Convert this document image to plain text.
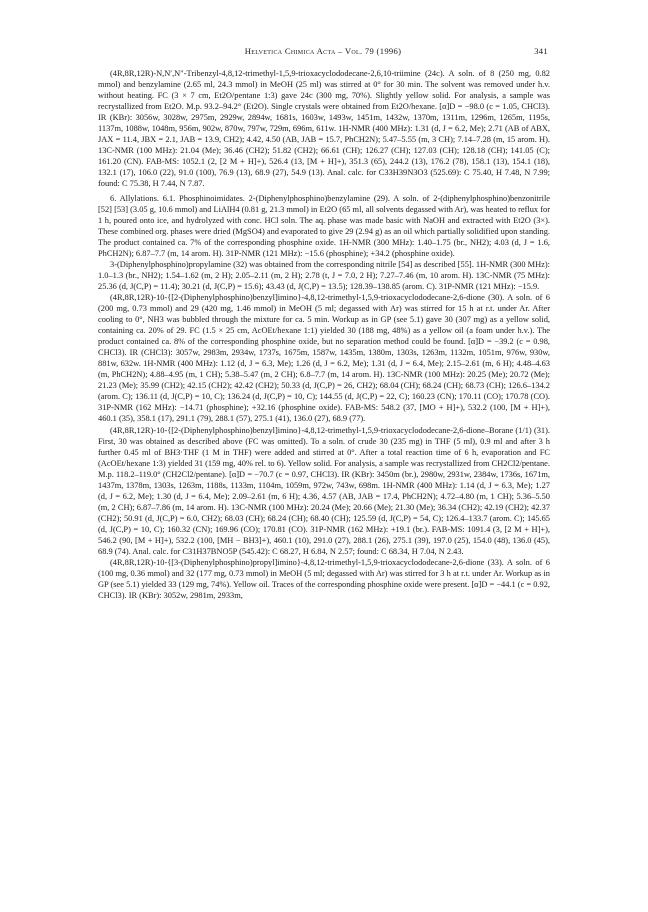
Helvetica Chimica Acta – Vol. 79 (1996)	341

(4R,8R,12R)-N,N′,N″-Tribenzyl-4,8,12-trimethyl-1,5,9-trioxacyclododecane-2,6,10-triimine (24c). A soln. of 8 (250 mg, 0.82 mmol) and benzylamine (2.65 ml, 24.3 mmol) in MeOH (25 ml) was stirred at 0° for 30 min. The solvent was removed under h.v. without heating. FC (3 × 7 cm, Et2O/pentane 1:3) gave 24c (300 mg, 70%). Slightly yellow solid. For analysis, a sample was recrystallized from Et2O. M.p. 93.2–94.2° (Et2O). Single crystals were obtained from Et2O/hexane. [α]D = −98.0 (c = 1.05, CHCl3). IR (KBr): 3056w, 3028w, 2975m, 2929w, 2894w, 1681s, 1603w, 1493w, 1451m, 1432w, 1370m, 1311m, 1296m, 1265m, 1195s, 1137m, 1088w, 1048m, 956m, 902w, 870w, 797w, 729m, 696m, 611w. 1H-NMR (400 MHz): 1.31 (d, J = 6.2, Me); 2.71 (AB of ABX, JAX = 11.4, JBX = 2.1, JAB = 13.9, CH2); 4.42, 4.50 (AB, JAB = 15.7, PhCH2N); 5.47–5.55 (m, 3 CH); 7.14–7.28 (m, 15 arom. H). 13C-NMR (100 MHz): 21.04 (Me); 36.46 (CH2); 51.82 (CH2); 66.61 (CH); 126.27 (CH); 127.03 (CH); 128.18 (CH); 141.05 (C); 161.20 (CN). FAB-MS: 1052.1 (2, [2 M + H]+), 526.4 (13, [M + H]+), 351.3 (65), 244.2 (13), 176.2 (78), 158.1 (13), 154.1 (18), 132.1 (17), 106.0 (22), 91.0 (100), 76.9 (13), 68.9 (27), 54.9 (13). Anal. calc. for C33H39N3O3 (525.69): C 75.40, H 7.48, N 7.99; found: C 75.38, H 7.44, N 7.87.

6. Allylations. 6.1. Phosphinoimidates. 2-(Diphenylphosphino)benzylamine (29). A soln. of 2-(diphenylphosphino)benzonitrile [52] [53] (3.05 g, 10.6 mmol) and LiAlH4 (0.81 g, 21.3 mmol) in Et2O (65 ml, all solvents degassed with Ar), was heated to reflux for 1 h, poured onto ice, and hydrolyzed with conc. HCl soln. The aq. phase was made basic with NaOH and extracted with Et2O (3×). These combined org. phases were dried (MgSO4) and evaporated to give 29 (2.94 g) as an oil which partially solidified upon standing. The product contained ca. 7% of the corresponding phosphine oxide. 1H-NMR (300 MHz): 1.40–1.75 (br., NH2); 4.03 (d, J = 1.6, PhCH2N); 6.87–7.7 (m, 14 arom. H). 31P-NMR (121 MHz): −15.6 (phosphine); +34.2 (phosphine oxide).

3-(Diphenylphosphino)propylamine (32) was obtained from the corresponding nitrile [54] as described [55]. 1H-NMR (300 MHz): 1.0–1.3 (br., NH2); 1.54–1.62 (m, 2 H); 2.05–2.11 (m, 2 H); 2.78 (t, J = 7.0, 2 H); 7.27–7.46 (m, 10 arom. H). 13C-NMR (75 MHz): 25.36 (d, J(C,P) = 11.4); 30.21 (d, J(C,P) = 15.6); 43.43 (d, J(C,P) = 13.5); 128.39–138.85 (arom. C). 31P-NMR (121 MHz): −15.9.

(4R,8R,12R)-10-{[2-(Diphenylphosphino)benzyl]imino}-4,8,12-trimethyl-1,5,9-trioxacyclododecane-2,6-dione (30). A soln. of 6 (200 mg, 0.73 mmol) and 29 (420 mg, 1.46 mmol) in MeOH (5 ml; degassed with Ar) was stirred for 15 h at r.t. under Ar. After cooling to 0°, NH3 was bubbled through the mixture for ca. 5 min. Workup as in GP (see 5.1) gave 30 (307 mg) as a yellow solid, containing ca. 20% of 29. FC (1.5 × 25 cm, AcOEt/hexane 1:1) yielded 30 (188 mg, 48%) as a yellow oil (a foam under h.v.). The product contained ca. 8% of the corresponding phosphine oxide, but no separation method could be found. [α]D = −39.2 (c = 0.98, CHCl3). IR (CHCl3): 3057w, 2983m, 2934w, 1737s, 1675m, 1587w, 1435m, 1380m, 1303s, 1263m, 1132m, 1051m, 976w, 930w, 881w, 632w. 1H-NMR (400 MHz): 1.12 (d, J = 6.3, Me); 1.26 (d, J = 6.2, Me); 1.31 (d, J = 6.4, Me); 2.15–2.61 (m, 6 H); 4.48–4.63 (m, PhCH2N); 4.88–4.95 (m, 1 CH); 5.38–5.47 (m, 2 CH); 6.8–7.7 (m, 14 arom. H). 13C-NMR (100 MHz): 20.25 (Me); 20.72 (Me); 21.23 (Me); 35.99 (CH2); 42.15 (CH2); 42.42 (CH2); 50.33 (d, J(C,P) = 26, CH2); 68.04 (CH); 68.24 (CH); 68.73 (CH); 126.6–134.2 (arom. C); 136.11 (d, J(C,P) = 10, C); 136.24 (d, J(C,P) = 10, C); 144.55 (d, J(C,P) = 22, C); 160.23 (CN); 170.11 (CO); 170.78 (CO). 31P-NMR (162 MHz): −14.71 (phosphine); +32.16 (phosphine oxide). FAB-MS: 548.2 (37, [MO + H]+), 532.2 (100, [M + H]+), 460.1 (35), 358.1 (17), 291.1 (79), 288.1 (57), 275.1 (41), 136.0 (27), 68.9 (77).

(4R,8R,12R)-10-{[2-(Diphenylphosphino)benzyl]imino}-4,8,12-trimethyl-1,5,9-trioxacyclododecane-2,6-dione–Borane (1/1) (31). First, 30 was obtained as described above (FC was omitted). To a soln. of crude 30 (235 mg) in THF (5 ml), 0.9 ml and after 3 h further 0.45 ml of BH3·THF (1 M in THF) were added and stirred at 0°. After a total reaction time of 6 h, evaporation and FC (AcOEt/hexane 1:3) yielded 31 (159 mg, 40% rel. to 6). Yellow solid. For analysis, a sample was recrystallized from CH2Cl2/pentane. M.p. 118.2–119.0° (CH2Cl2/pentane). [α]D = −70.7 (c = 0.97, CHCl3). IR (KBr): 3450m (br.), 2980w, 2931w, 2384w, 1736s, 1671m, 1437m, 1378m, 1303s, 1263m, 1188s, 1133m, 1104m, 1059m, 972w, 743w, 698m. 1H-NMR (400 MHz): 1.14 (d, J = 6.3, Me); 1.27 (d, J = 6.2, Me); 1.30 (d, J = 6.4, Me); 2.09–2.61 (m, 6 H); 4.36, 4.57 (AB, JAB = 17.4, PhCH2N); 4.72–4.80 (m, 1 CH); 5.36–5.50 (m, 2 CH); 6.87–7.86 (m, 14 arom. H). 13C-NMR (100 MHz): 20.24 (Me); 20.66 (Me); 21.30 (Me); 36.34 (CH2); 42.19 (CH2); 42.37 (CH2); 50.91 (d, J(C,P) = 6.0, CH2); 68.03 (CH); 68.24 (CH); 68.40 (CH); 125.59 (d, J(C,P) = 54, C); 126.4–133.7 (arom. C); 145.65 (d, J(C,P) = 10, C); 160.32 (CN); 169.96 (CO); 170.81 (CO). 31P-NMR (162 MHz): +19.1 (br.). FAB-MS: 1091.4 (3, [2 M + H]+), 546.2 (90, [M + H]+), 532.2 (100, [MH − BH3]+), 460.1 (10), 291.0 (27), 288.1 (26), 275.1 (39), 197.0 (25), 154.0 (48), 136.0 (45), 68.9 (74). Anal. calc. for C31H37BNO5P (545.42): C 68.27, H 6.84, N 2.57; found: C 68.34, H 7.04, N 2.43.

(4R,8R,12R)-10-{[3-(Diphenylphosphino)propyl]imino}-4,8,12-trimethyl-1,5,9-trioxacyclododecane-2,6-dione (33). A soln. of 6 (100 mg, 0.36 mmol) and 32 (177 mg, 0.73 mmol) in MeOH (5 ml; degassed with Ar) was stirred for 3 h at r.t. under Ar. Workup as in GP (see 5.1) yielded 33 (129 mg, 74%). Yellow oil. Traces of the corresponding phosphine oxide were present. [α]D = −44.1 (c = 0.92, CHCl3). IR (KBr): 3052w, 2981m, 2933m,
